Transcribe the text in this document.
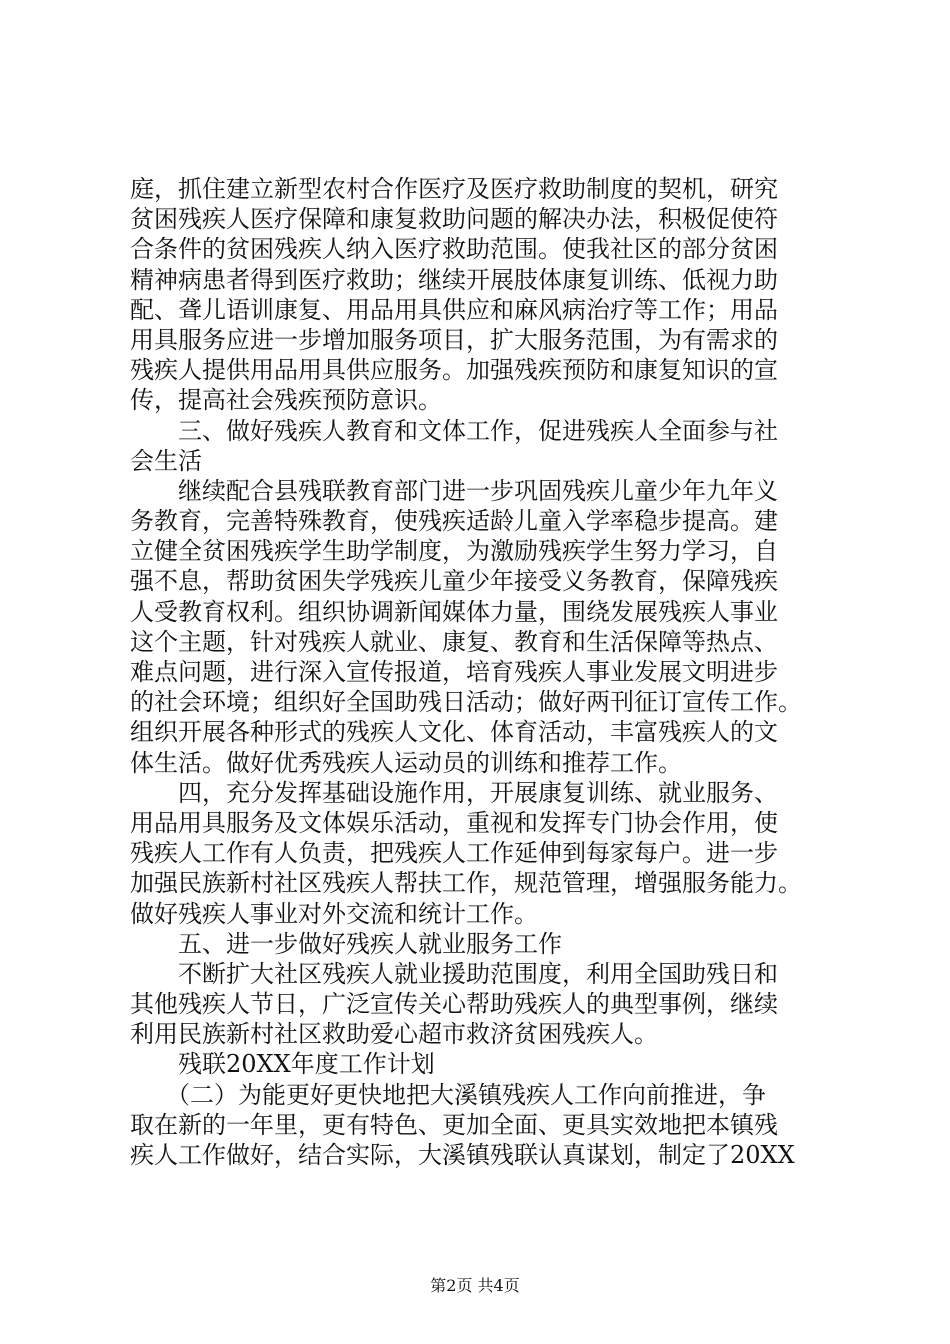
庭，抓住建立新型农村合作医疗及医疗救助制度的契机，研究
贫困残疾人医疗保障和康复救助问题的解决办法，积极促使符
合条件的贫困残疾人纳入医疗救助范围。使我社区的部分贫困
精神病患者得到医疗救助；继续开展肢体康复训练、低视力助
配、聋儿语训康复、用品用具供应和麻风病治疗等工作；用品
用具服务应进一步增加服务项目，扩大服务范围，为有需求的
残疾人提供用品用具供应服务。加强残疾预防和康复知识的宣
传，提高社会残疾预防意识。
　　三、做好残疾人教育和文体工作，促进残疾人全面参与社
会生活
　　继续配合县残联教育部门进一步巩固残疾儿童少年九年义
务教育，完善特殊教育，使残疾适龄儿童入学率稳步提高。建
立健全贫困残疾学生助学制度，为激励残疾学生努力学习，自
强不息，帮助贫困失学残疾儿童少年接受义务教育，保障残疾
人受教育权利。组织协调新闻媒体力量，围绕发展残疾人事业
这个主题，针对残疾人就业、康复、教育和生活保障等热点、
难点问题，进行深入宣传报道，培育残疾人事业发展文明进步
的社会环境；组织好全国助残日活动；做好两刊征订宣传工作。
组织开展各种形式的残疾人文化、体育活动，丰富残疾人的文
体生活。做好优秀残疾人运动员的训练和推荐工作。
　　四，充分发挥基础设施作用，开展康复训练、就业服务、
用品用具服务及文体娱乐活动，重视和发挥专门协会作用，使
残疾人工作有人负责，把残疾人工作延伸到每家每户。进一步
加强民族新村社区残疾人帮扶工作，规范管理，增强服务能力。
做好残疾人事业对外交流和统计工作。
　　五、进一步做好残疾人就业服务工作
　　不断扩大社区残疾人就业援助范围度，利用全国助残日和
其他残疾人节日，广泛宣传关心帮助残疾人的典型事例，继续
利用民族新村社区救助爱心超市救济贫困残疾人。
　　残联20XX年度工作计划
　　（二）为能更好更快地把大溪镇残疾人工作向前推进，争
取在新的一年里，更有特色、更加全面、更具实效地把本镇残
疾人工作做好，结合实际，大溪镇残联认真谋划，制定了20XX
第2页 共4页
